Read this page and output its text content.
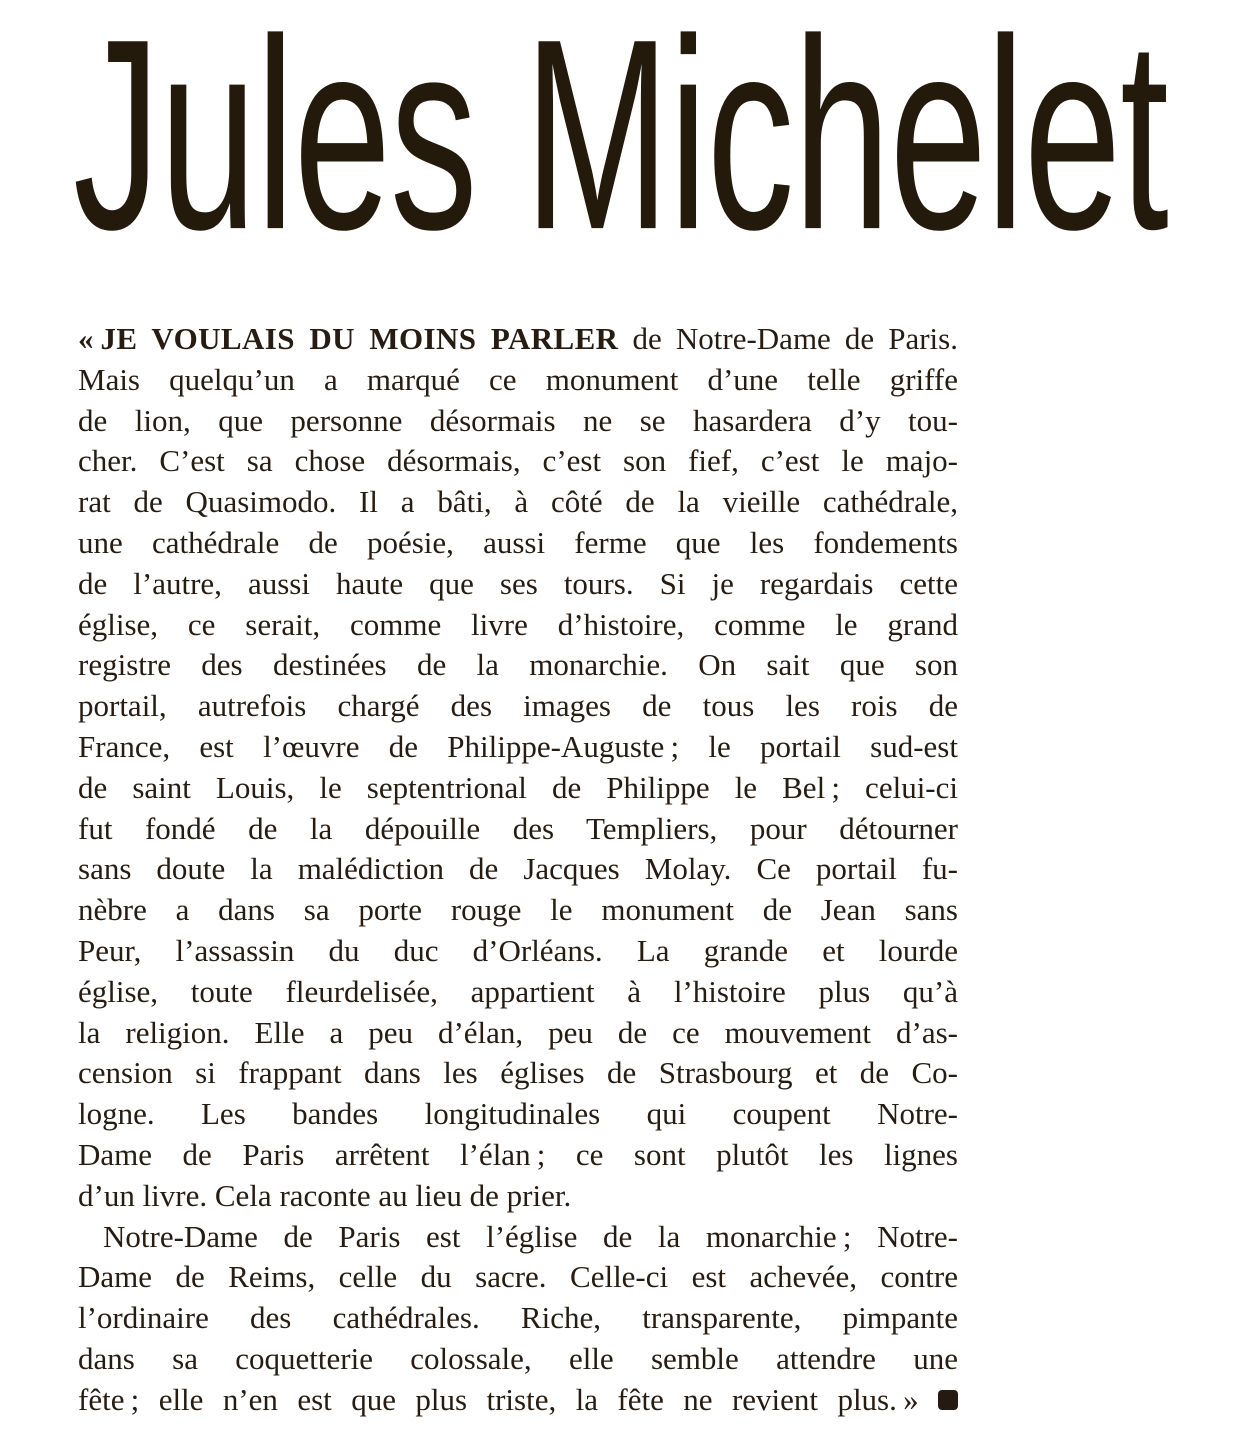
Jules Michelet
« JE VOULAIS DU MOINS PARLER de Notre-Dame de Paris.
Mais quelqu’un a marqué ce monument d’une telle griffe
de lion, que personne désormais ne se hasardera d’y tou-
cher. C’est sa chose désormais, c’est son fief, c’est le majo-
rat de Quasimodo. Il a bâti, à côté de la vieille cathédrale,
une cathédrale de poésie, aussi ferme que les fondements
de l’autre, aussi haute que ses tours. Si je regardais cette
église, ce serait, comme livre d’histoire, comme le grand
registre des destinées de la monarchie. On sait que son
portail, autrefois chargé des images de tous les rois de
France, est l’œuvre de Philippe-Auguste ; le portail sud-est
de saint Louis, le septentrional de Philippe le Bel ; celui-ci
fut fondé de la dépouille des Templiers, pour détourner
sans doute la malédiction de Jacques Molay. Ce portail fu-
nèbre a dans sa porte rouge le monument de Jean sans
Peur, l’assassin du duc d’Orléans. La grande et lourde
église, toute fleurdelisée, appartient à l’histoire plus qu’à
la religion. Elle a peu d’élan, peu de ce mouvement d’as-
cension si frappant dans les églises de Strasbourg et de Co-
logne. Les bandes longitudinales qui coupent Notre-
Dame de Paris arrêtent l’élan ; ce sont plutôt les lignes
d’un livre. Cela raconte au lieu de prier.
Notre-Dame de Paris est l’église de la monarchie ; Notre-
Dame de Reims, celle du sacre. Celle-ci est achevée, contre
l’ordinaire des cathédrales. Riche, transparente, pimpante
dans sa coquetterie colossale, elle semble attendre une
fête ; elle n’en est que plus triste, la fête ne revient plus. »
